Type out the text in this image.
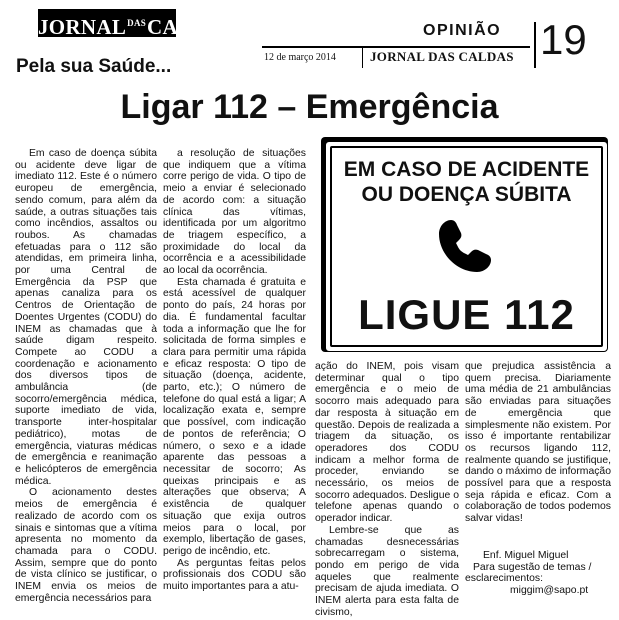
$JORNAL^{DAS}CALDAS$
Pela sua Saúde...
OPINIÃO
12 de março 2014	JORNAL DAS CALDAS 19
Ligar 112 – Emergência

Em caso de doença súbita ou acidente deve ligar de imediato 112. Este é o número europeu de emergência, sendo comum, para além da saúde, a outras situações tais como incêndios, assaltos ou roubos. As chamadas efetuadas para o 112 são atendidas, em primeira linha, por uma Central de Emergência da PSP que apenas canaliza para os Centros de Orientação de Doentes Urgentes (CODU) do INEM as chamadas que à saúde digam respeito. Compete ao CODU a coordenação e acionamento dos diversos tipos de ambulância (de socorro/emergência médica, suporte imediato de vida, transporte inter-hospitalar pediátrico), motas de emergência, viaturas médicas de emergência e reanimação e helicópteros de emergência médica.

O acionamento destes meios de emergência é realizado de acordo com os sinais e sintomas que a vítima apresenta no momento da chamada para o CODU. Assim, sempre que do ponto de vista clínico se justificar, o INEM envia os meios de emergência necessários para

a resolução de situações que indiquem que a vítima corre perigo de vida. O tipo de meio a enviar é selecionado de acordo com: a situação clínica das vítimas, identificada por um algoritmo de triagem específico, a proximidade do local da ocorrência e a acessibilidade ao local da ocorrência.

Esta chamada é gratuita e está acessível de qualquer ponto do país, 24 horas por dia. É fundamental facultar toda a informação que lhe for solicitada de forma simples e clara para permitir uma rápida e eficaz resposta: O tipo de situação (doença, acidente, parto, etc.); O número de telefone do qual está a ligar; A localização exata e, sempre que possível, com indicação de pontos de referência; O número, o sexo e a idade aparente das pessoas a necessitar de socorro; As queixas principais e as alterações que observa; A existência de qualquer situação que exija outros meios para o local, por exemplo, libertação de gases, perigo de incêndio, etc.

As perguntas feitas pelos profissionais dos CODU são muito importantes para a atu-

EM CASO DE ACIDENTE
OU DOENÇA SÚBITA
LIGUE 112

ação do INEM, pois visam determinar qual o tipo emergência e o meio de socorro mais adequado para dar resposta à situação em questão. Depois de realizada a triagem da situação, os operadores dos CODU indicam a melhor forma de proceder, enviando se necessário, os meios de socorro adequados. Desligue o telefone apenas quando o operador indicar.

Lembre-se que as chamadas desnecessárias sobrecarregam o sistema, pondo em perigo de vida aqueles que realmente precisam de ajuda imediata. O INEM alerta para esta falta de civismo,

que prejudica assistência a quem precisa. Diariamente uma média de 21 ambulâncias são enviadas para situações de emergência que simplesmente não existem. Por isso é importante rentabilizar os recursos ligando 112, realmente quando se justifique, dando o máximo de informação possível para que a resposta seja rápida e eficaz. Com a colaboração de todos podemos salvar vidas!

Enf. Miguel Miguel
Para sugestão de temas /
esclarecimentos:
miggim@sapo.pt
